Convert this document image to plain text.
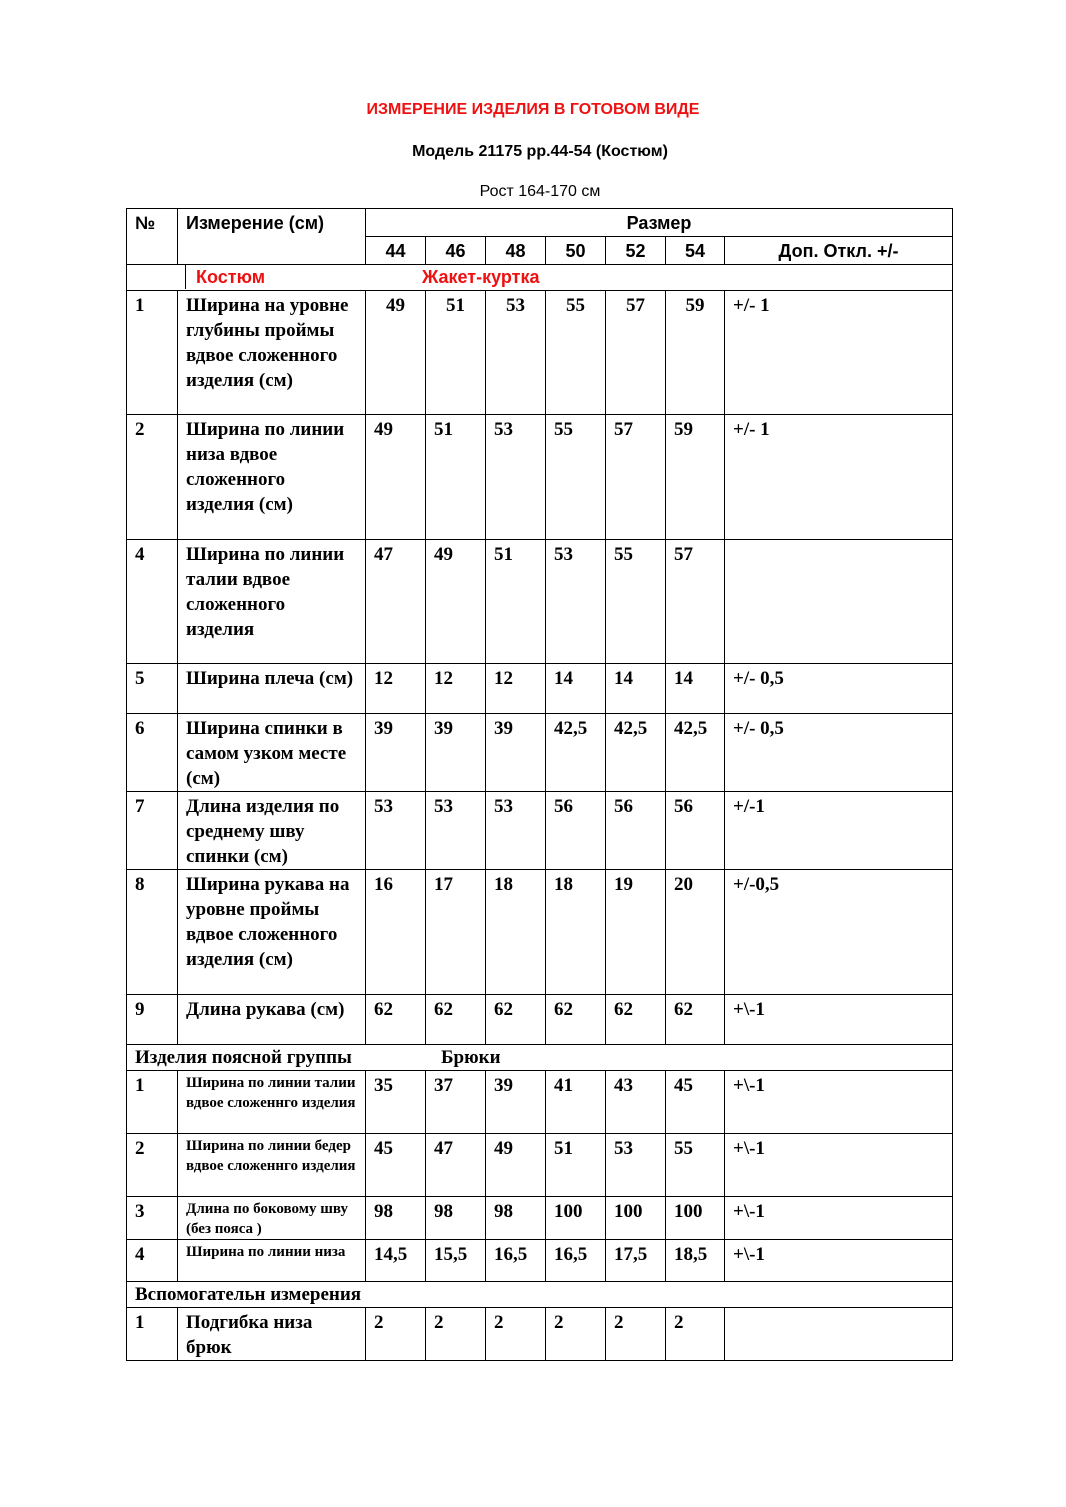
ИЗМЕРЕНИЕ ИЗДЕЛИЯ В ГОТОВОМ ВИДЕ
Модель 21175 рр.44-54 (Костюм)
Рост 164-170 см
№	Измерение (см)	Размер						
		44	46	48	50	52	54	Доп. Откл. +/-

Костюм Жакет-куртка								

1	Ширина на уровне глубины проймы вдвое сложенного изделия (см)	49	51	53	55	57	59	+/- 1
2	Ширина по линии низа вдвое сложенного изделия (см)	49	51	53	55	57	59	+/- 1
4	Ширина по линии талии вдвое сложенного изделия	47	49	51	53	55	57	
5	Ширина плеча (см)	12	12	12	14	14	14	+/- 0,5
6	Ширина спинки в самом узком месте (см)	39	39	39	42,5	42,5	42,5	+/- 0,5
7	Длина изделия по среднему шву спинки (см)	53	53	53	56	56	56	+/-1
8	Ширина рукава на уровне проймы вдвое сложенного изделия (см)	16	17	18	18	19	20	+/-0,5
9	Длина рукава (см)	62	62	62	62	62	62	+\-1

Изделия поясной группы Брюки								

1	Ширина по линии талии вдвое сложеннго изделия	35	37	39	41	43	45	+\-1
2	Ширина по линии бедер вдвое сложеннго изделия	45	47	49	51	53	55	+\-1
3	Длина по боковому шву (без пояса )	98	98	98	100	100	100	+\-1
4	Ширина по линии низа	14,5	15,5	16,5	16,5	17,5	18,5	+\-1
Вспомогательн измерения								
1	Подгибка низа брюк	2	2	2	2	2	2	
